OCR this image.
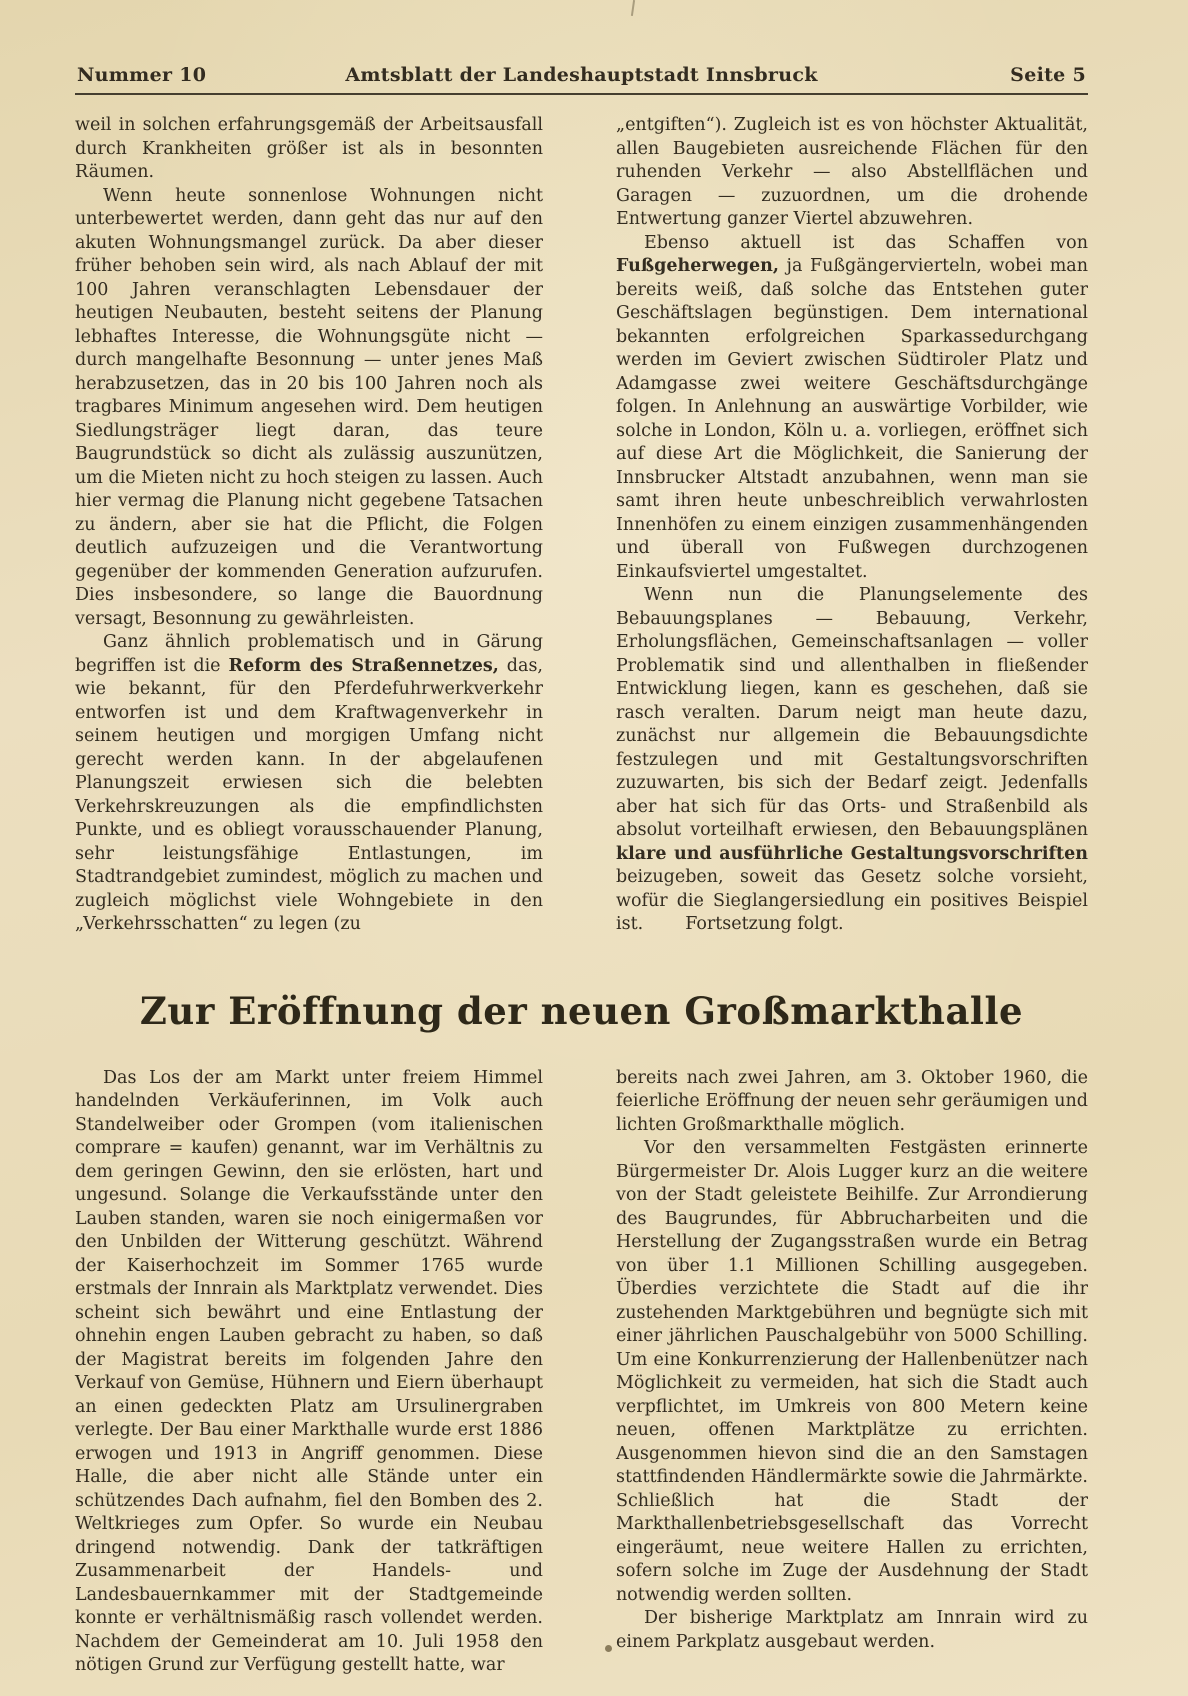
Nummer 10	Amtsblatt der Landeshauptstadt Innsbruck	Seite 5

weil in solchen erfahrungsgemäß der Arbeitsausfall durch Krankheiten größer ist als in besonnten Räumen.

Wenn heute sonnenlose Wohnungen nicht unterbewertet werden, dann geht das nur auf den akuten Wohnungsmangel zurück. Da aber dieser früher behoben sein wird, als nach Ablauf der mit 100 Jahren veranschlagten Lebensdauer der heutigen Neubauten, besteht seitens der Planung lebhaftes Interesse, die Wohnungsgüte nicht — durch mangelhafte Besonnung — unter jenes Maß herabzusetzen, das in 20 bis 100 Jahren noch als tragbares Minimum angesehen wird. Dem heutigen Siedlungsträger liegt daran, das teure Baugrundstück so dicht als zulässig auszunützen, um die Mieten nicht zu hoch steigen zu lassen. Auch hier vermag die Planung nicht gegebene Tatsachen zu ändern, aber sie hat die Pflicht, die Folgen deutlich aufzuzeigen und die Verantwortung gegenüber der kommenden Generation aufzurufen. Dies insbesondere, so lange die Bauordnung versagt, Besonnung zu gewährleisten.

Ganz ähnlich problematisch und in Gärung begriffen ist die Reform des Straßennetzes, das, wie bekannt, für den Pferdefuhrwerkverkehr entworfen ist und dem Kraftwagenverkehr in seinem heutigen und morgigen Umfang nicht gerecht werden kann. In der abgelaufenen Planungszeit erwiesen sich die belebten Verkehrskreuzungen als die empfindlichsten Punkte, und es obliegt vorausschauender Planung, sehr leistungsfähige Entlastungen, im Stadtrandgebiet zumindest, möglich zu machen und zugleich möglichst viele Wohngebiete in den „Verkehrsschatten“ zu legen (zu

„entgiften“). Zugleich ist es von höchster Aktualität, allen Baugebieten ausreichende Flächen für den ruhenden Verkehr — also Abstellflächen und Garagen — zuzuordnen, um die drohende Entwertung ganzer Viertel abzuwehren.

Ebenso aktuell ist das Schaffen von Fußgeherwegen, ja Fußgängervierteln, wobei man bereits weiß, daß solche das Entstehen guter Geschäftslagen begünstigen. Dem international bekannten erfolgreichen Sparkassedurchgang werden im Geviert zwischen Südtiroler Platz und Adamgasse zwei weitere Geschäftsdurchgänge folgen. In Anlehnung an auswärtige Vorbilder, wie solche in London, Köln u. a. vorliegen, eröffnet sich auf diese Art die Möglichkeit, die Sanierung der Innsbrucker Altstadt anzubahnen, wenn man sie samt ihren heute unbeschreiblich verwahrlosten Innenhöfen zu einem einzigen zusammenhängenden und überall von Fußwegen durchzogenen Einkaufsviertel umgestaltet.

Wenn nun die Planungselemente des Bebauungsplanes — Bebauung, Verkehr, Erholungsflächen, Gemeinschaftsanlagen — voller Problematik sind und allenthalben in fließender Entwicklung liegen, kann es geschehen, daß sie rasch veralten. Darum neigt man heute dazu, zunächst nur allgemein die Bebauungsdichte festzulegen und mit Gestaltungsvorschriften zuzuwarten, bis sich der Bedarf zeigt. Jedenfalls aber hat sich für das Orts- und Straßenbild als absolut vorteilhaft erwiesen, den Bebauungsplänen klare und ausführliche Gestaltungsvorschriften beizugeben, soweit das Gesetz solche vorsieht, wofür die Sieglangersiedlung ein positives Beispiel ist. Fortsetzung folgt.

Zur Eröffnung der neuen Großmarkthalle

Das Los der am Markt unter freiem Himmel handelnden Verkäuferinnen, im Volk auch Standelweiber oder Grompen (vom italienischen comprare = kaufen) genannt, war im Verhältnis zu dem geringen Gewinn, den sie erlösten, hart und ungesund. Solange die Verkaufsstände unter den Lauben standen, waren sie noch einigermaßen vor den Unbilden der Witterung geschützt. Während der Kaiserhochzeit im Sommer 1765 wurde erstmals der Innrain als Marktplatz verwendet. Dies scheint sich bewährt und eine Entlastung der ohnehin engen Lauben gebracht zu haben, so daß der Magistrat bereits im folgenden Jahre den Verkauf von Gemüse, Hühnern und Eiern überhaupt an einen gedeckten Platz am Ursulinergraben verlegte. Der Bau einer Markthalle wurde erst 1886 erwogen und 1913 in Angriff genommen. Diese Halle, die aber nicht alle Stände unter ein schützendes Dach aufnahm, fiel den Bomben des 2. Weltkrieges zum Opfer. So wurde ein Neubau dringend notwendig. Dank der tatkräftigen Zusammenarbeit der Handels- und Landesbauernkammer mit der Stadtgemeinde konnte er verhältnismäßig rasch vollendet werden. Nachdem der Gemeinderat am 10. Juli 1958 den nötigen Grund zur Verfügung gestellt hatte, war

bereits nach zwei Jahren, am 3. Oktober 1960, die feierliche Eröffnung der neuen sehr geräumigen und lichten Großmarkthalle möglich.

Vor den versammelten Festgästen erinnerte Bürgermeister Dr. Alois Lugger kurz an die weitere von der Stadt geleistete Beihilfe. Zur Arrondierung des Baugrundes, für Abbrucharbeiten und die Herstellung der Zugangsstraßen wurde ein Betrag von über 1.1 Millionen Schilling ausgegeben. Überdies verzichtete die Stadt auf die ihr zustehenden Marktgebühren und begnügte sich mit einer jährlichen Pauschalgebühr von 5000 Schilling. Um eine Konkurrenzierung der Hallenbenützer nach Möglichkeit zu vermeiden, hat sich die Stadt auch verpflichtet, im Umkreis von 800 Metern keine neuen, offenen Marktplätze zu errichten. Ausgenommen hievon sind die an den Samstagen stattfindenden Händlermärkte sowie die Jahrmärkte. Schließlich hat die Stadt der Markthallenbetriebsgesellschaft das Vorrecht eingeräumt, neue weitere Hallen zu errichten, sofern solche im Zuge der Ausdehnung der Stadt notwendig werden sollten.

Der bisherige Marktplatz am Innrain wird zu einem Parkplatz ausgebaut werden.
